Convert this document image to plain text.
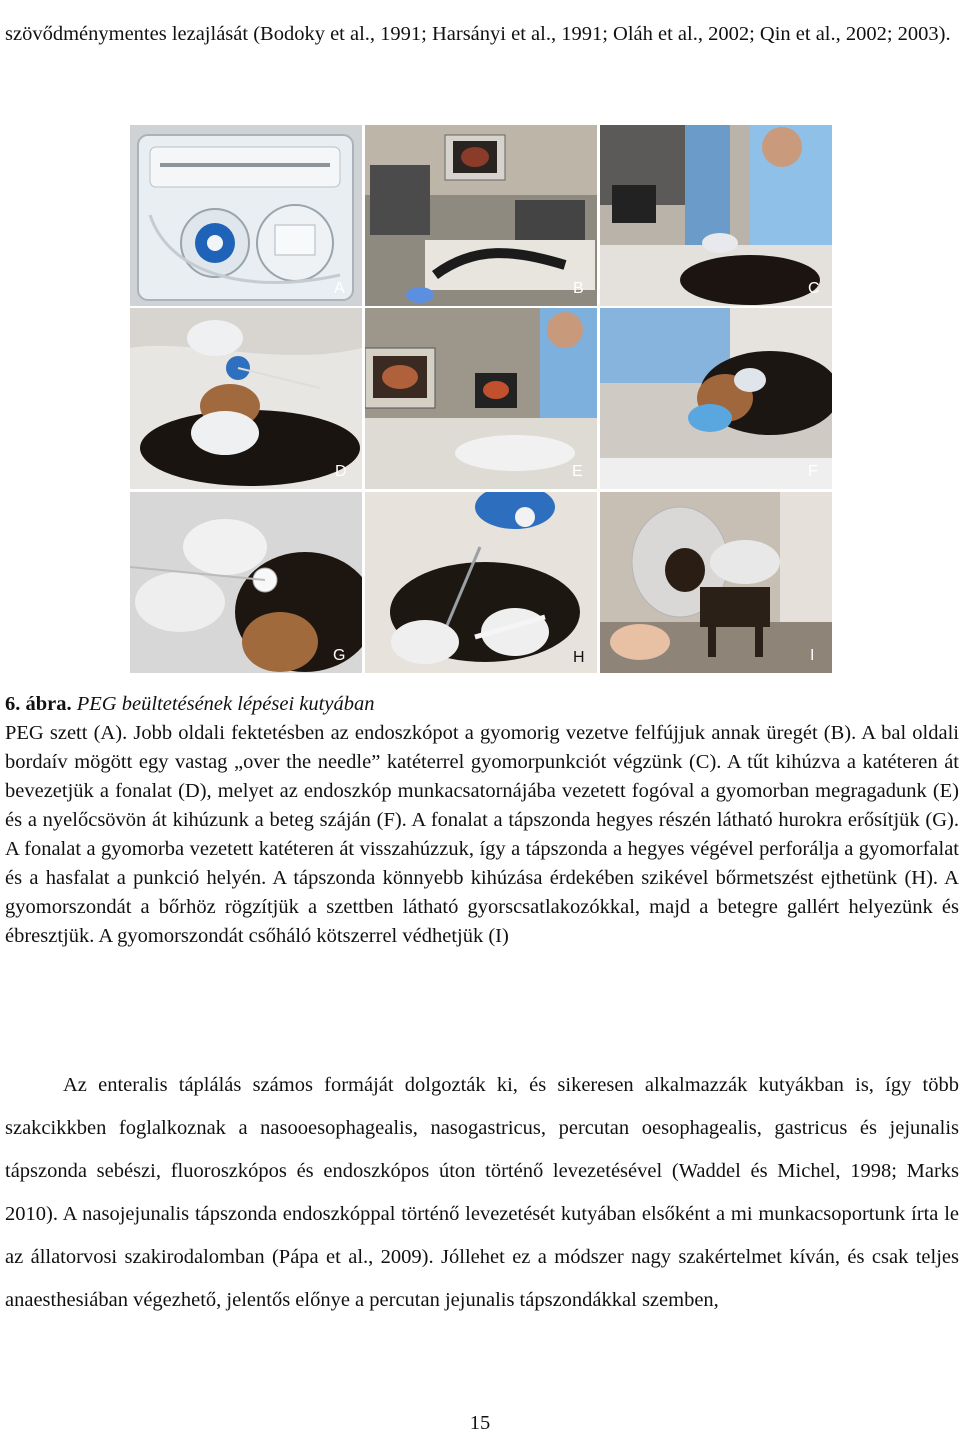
szövődménymentes lezajlását (Bodoky et al., 1991; Harsányi et al., 1991; Oláh et al., 2002; Qin et al., 2002; 2003).

A	B	C
D	E	F
G	H	I
6. ábra. PEG beültetésének lépései kutyában
PEG szett (A). Jobb oldali fektetésben az endoszkópot a gyomorig vezetve felfújjuk annak üregét (B). A bal oldali bordaív mögött egy vastag „over the needle” katéterrel gyomorpunkciót végzünk (C). A tűt kihúzva a katéteren át bevezetjük a fonalat (D), melyet az endoszkóp munkacsatornájába vezetett fogóval a gyomorban megragadunk (E) és a nyelőcsövön át kihúzunk a beteg száján (F). A fonalat a tápszonda hegyes részén látható hurokra erősítjük (G). A fonalat a gyomorba vezetett katéteren át visszahúzzuk, így a tápszonda a hegyes végével perforálja a gyomorfalat és a hasfalat a punkció helyén. A tápszonda könnyebb kihúzása érdekében szikével bőrmetszést ejthetünk (H). A gyomorszondát a bőrhöz rögzítjük a szettben látható gyorscsatlakozókkal, majd a betegre gallért helyezünk és ébresztjük. A gyomorszondát csőháló kötszerrel védhetjük (I)

Az enteralis táplálás számos formáját dolgozták ki, és sikeresen alkalmazzák kutyákban is, így több szakcikkben foglalkoznak a nasooesophagealis, nasogastricus, percutan oesophagealis, gastricus és jejunalis tápszonda sebészi, fluoroszkópos és endoszkópos úton történő levezetésével (Waddel és Michel, 1998; Marks 2010). A nasojejunalis tápszonda endoszkóppal történő levezetését kutyában elsőként a mi munkacsoportunk írta le az állatorvosi szakirodalomban (Pápa et al., 2009). Jóllehet ez a módszer nagy szakértelmet kíván, és csak teljes anaesthesiában végezhető, jelentős előnye a percutan jejunalis tápszondákkal szemben,

15
